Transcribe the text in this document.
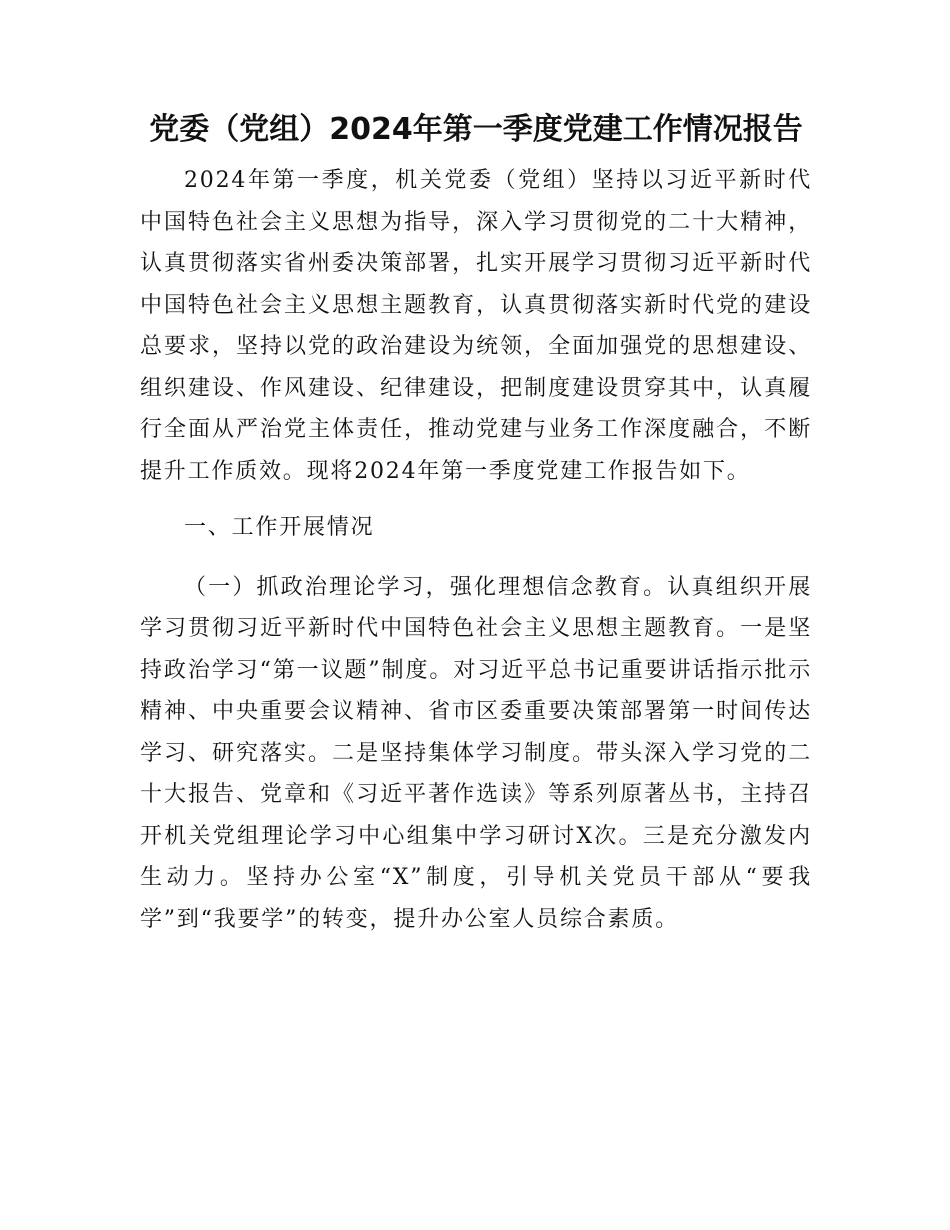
党委（党组）2024年第一季度党建工作情况报告

2024年第一季度，机关党委（党组）坚持以习近平新时代中国特色社会主义思想为指导，深入学习贯彻党的二十大精神，认真贯彻落实省州委决策部署，扎实开展学习贯彻习近平新时代中国特色社会主义思想主题教育，认真贯彻落实新时代党的建设总要求，坚持以党的政治建设为统领，全面加强党的思想建设、组织建设、作风建设、纪律建设，把制度建设贯穿其中，认真履行全面从严治党主体责任，推动党建与业务工作深度融合，不断提升工作质效。现将2024年第一季度党建工作报告如下。

一、工作开展情况

（一）抓政治理论学习，强化理想信念教育。认真组织开展学习贯彻习近平新时代中国特色社会主义思想主题教育。一是坚持政治学习“第一议题”制度。对习近平总书记重要讲话指示批示精神、中央重要会议精神、省市区委重要决策部署第一时间传达学习、研究落实。二是坚持集体学习制度。带头深入学习党的二十大报告、党章和《习近平著作选读》等系列原著丛书，主持召开机关党组理论学习中心组集中学习研讨X次。三是充分激发内生动力。坚持办公室“X”制度，引导机关党员干部从“要我学”到“我要学”的转变，提升办公室人员综合素质。
